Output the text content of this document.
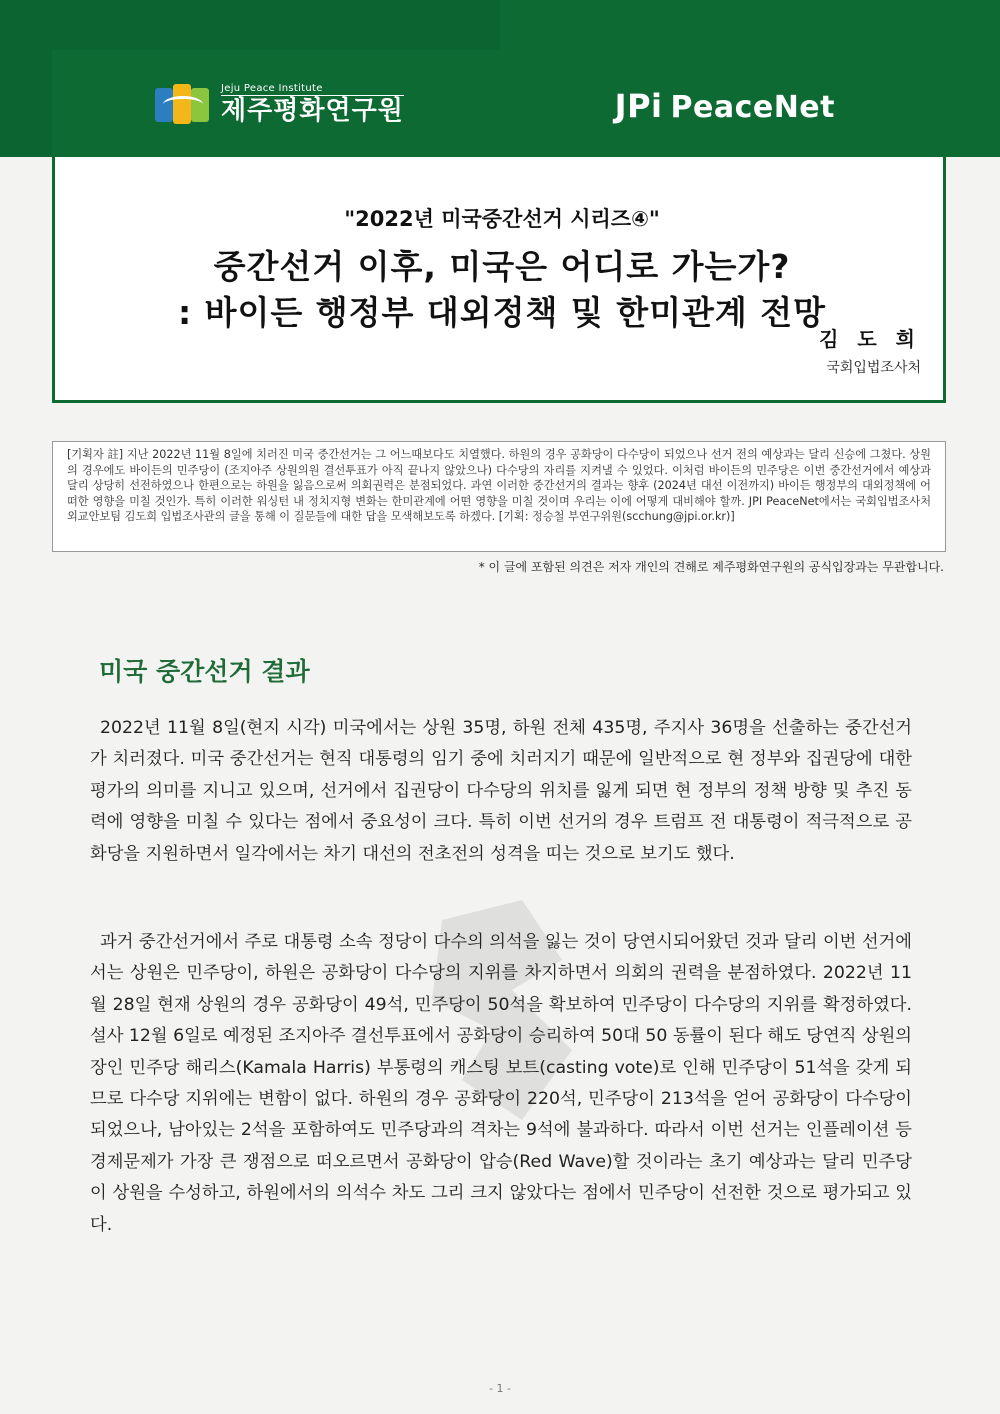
Jeju Peace Institute
제주평화연구원	JPi PeaceNet
"2022년 미국중간선거 시리즈④"
중간선거 이후, 미국은 어디로 가는가?
: 바이든 행정부 대외정책 및 한미관계 전망
김 도 희
국회입법조사처
[기획자 註] 지난 2022년 11월 8일에 치러진 미국 중간선거는 그 어느때보다도 치열했다. 하원의 경우 공화당이 다수당이 되었으나 선거 전의 예상과는 달리 신승에 그쳤다. 상원의 경우에도 바이든의 민주당이 (조지아주 상원의원 결선투표가 아직 끝나지 않았으나) 다수당의 자리를 지켜낼 수 있었다. 이처럼 바이든의 민주당은 이번 중간선거에서 예상과 달리 상당히 선전하였으나 한편으로는 하원을 잃음으로써 의회권력은 분점되었다. 과연 이러한 중간선거의 결과는 향후 (2024년 대선 이전까지) 바이든 행정부의 대외정책에 어떠한 영향을 미칠 것인가. 특히 이러한 워싱턴 내 정치지형 변화는 한미관계에 어떤 영향을 미칠 것이며 우리는 이에 어떻게 대비해야 할까. JPI PeaceNet에서는 국회입법조사처 외교안보팀 김도희 입법조사관의 글을 통해 이 질문들에 대한 답을 모색해보도록 하겠다. [기획: 정승철 부연구위원(scchung@jpi.or.kr)]
* 이 글에 포함된 의견은 저자 개인의 견해로 제주평화연구원의 공식입장과는 무관합니다.
미국 중간선거 결과

2022년 11월 8일(현지 시각) 미국에서는 상원 35명, 하원 전체 435명, 주지사 36명을 선출하는 중간선거가 치러졌다. 미국 중간선거는 현직 대통령의 임기 중에 치러지기 때문에 일반적으로 현 정부와 집권당에 대한 평가의 의미를 지니고 있으며, 선거에서 집권당이 다수당의 위치를 잃게 되면 현 정부의 정책 방향 및 추진 동력에 영향을 미칠 수 있다는 점에서 중요성이 크다. 특히 이번 선거의 경우 트럼프 전 대통령이 적극적으로 공화당을 지원하면서 일각에서는 차기 대선의 전초전의 성격을 띠는 것으로 보기도 했다.

과거 중간선거에서 주로 대통령 소속 정당이 다수의 의석을 잃는 것이 당연시되어왔던 것과 달리 이번 선거에서는 상원은 민주당이, 하원은 공화당이 다수당의 지위를 차지하면서 의회의 권력을 분점하였다. 2022년 11월 28일 현재 상원의 경우 공화당이 49석, 민주당이 50석을 확보하여 민주당이 다수당의 지위를 확정하였다. 설사 12월 6일로 예정된 조지아주 결선투표에서 공화당이 승리하여 50대 50 동률이 된다 해도 당연직 상원의장인 민주당 해리스(Kamala Harris) 부통령의 캐스팅 보트(casting vote)로 인해 민주당이 51석을 갖게 되므로 다수당 지위에는 변함이 없다. 하원의 경우 공화당이 220석, 민주당이 213석을 얻어 공화당이 다수당이 되었으나, 남아있는 2석을 포함하여도 민주당과의 격차는 9석에 불과하다. 따라서 이번 선거는 인플레이션 등 경제문제가 가장 큰 쟁점으로 떠오르면서 공화당이 압승(Red Wave)할 것이라는 초기 예상과는 달리 민주당이 상원을 수성하고, 하원에서의 의석수 차도 그리 크지 않았다는 점에서 민주당이 선전한 것으로 평가되고 있다.

- 1 -
